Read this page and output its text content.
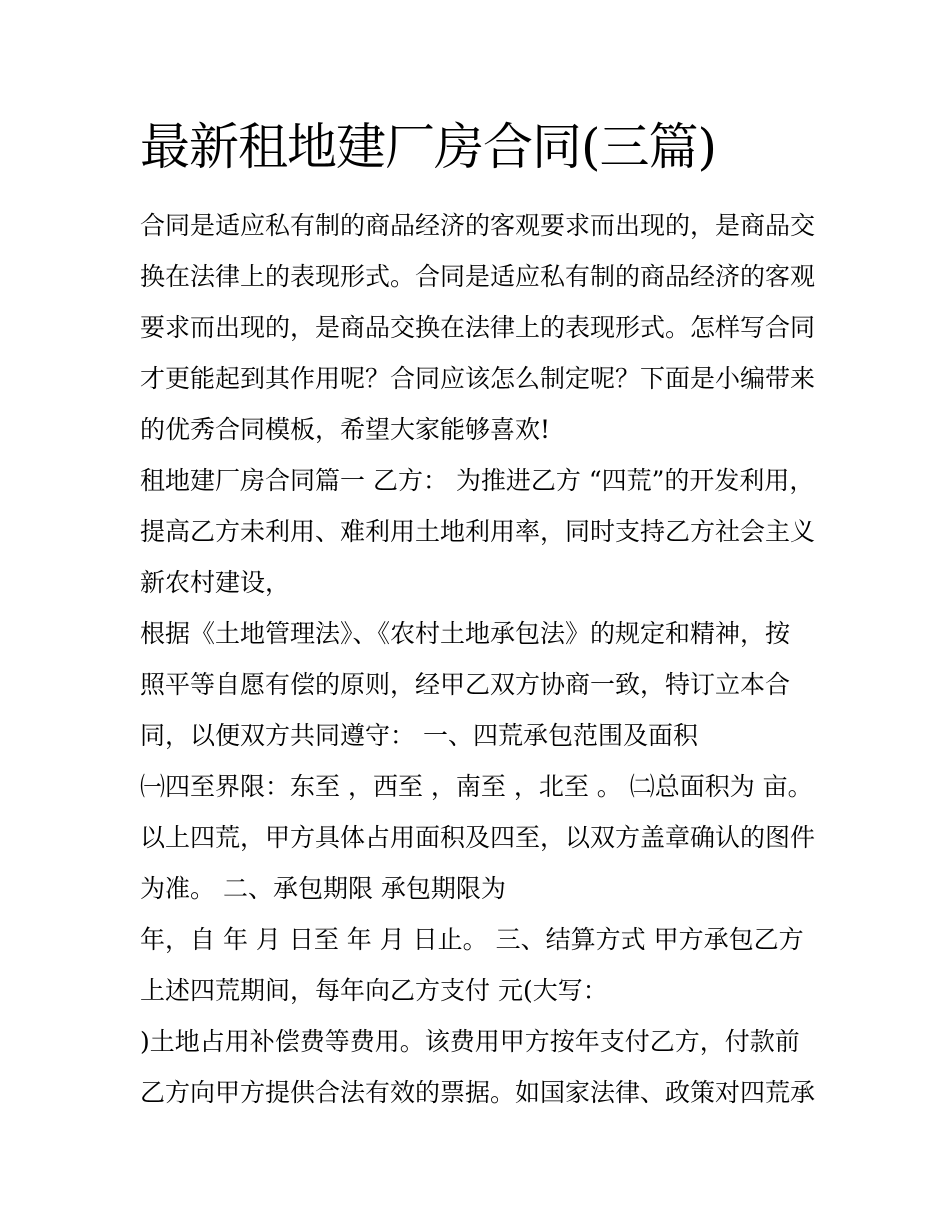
最新租地建厂房合同(三篇)
合同是适应私有制的商品经济的客观要求而出现的，是商品交
换在法律上的表现形式。合同是适应私有制的商品经济的客观
要求而出现的，是商品交换在法律上的表现形式。怎样写合同
才更能起到其作用呢？合同应该怎么制定呢？下面是小编带来
的优秀合同模板，希望大家能够喜欢!
租地建厂房合同篇一 乙方： 为推进乙方 “四荒”的开发利用，
提高乙方未利用、难利用土地利用率，同时支持乙方社会主义
新农村建设，
根据《土地管理法》、《农村土地承包法》的规定和精神，按
照平等自愿有偿的原则，经甲乙双方协商一致，特订立本合
同，以便双方共同遵守： 一、四荒承包范围及面积
㈠四至界限：东至 ，西至 ，南至 ，北至 。 ㈡总面积为 亩。
以上四荒，甲方具体占用面积及四至，以双方盖章确认的图件
为准。 二、承包期限 承包期限为
年，自 年 月 日至 年 月 日止。 三、结算方式 甲方承包乙方
上述四荒期间，每年向乙方支付 元(大写：
)土地占用补偿费等费用。该费用甲方按年支付乙方，付款前
乙方向甲方提供合法有效的票据。如国家法律、政策对四荒承
